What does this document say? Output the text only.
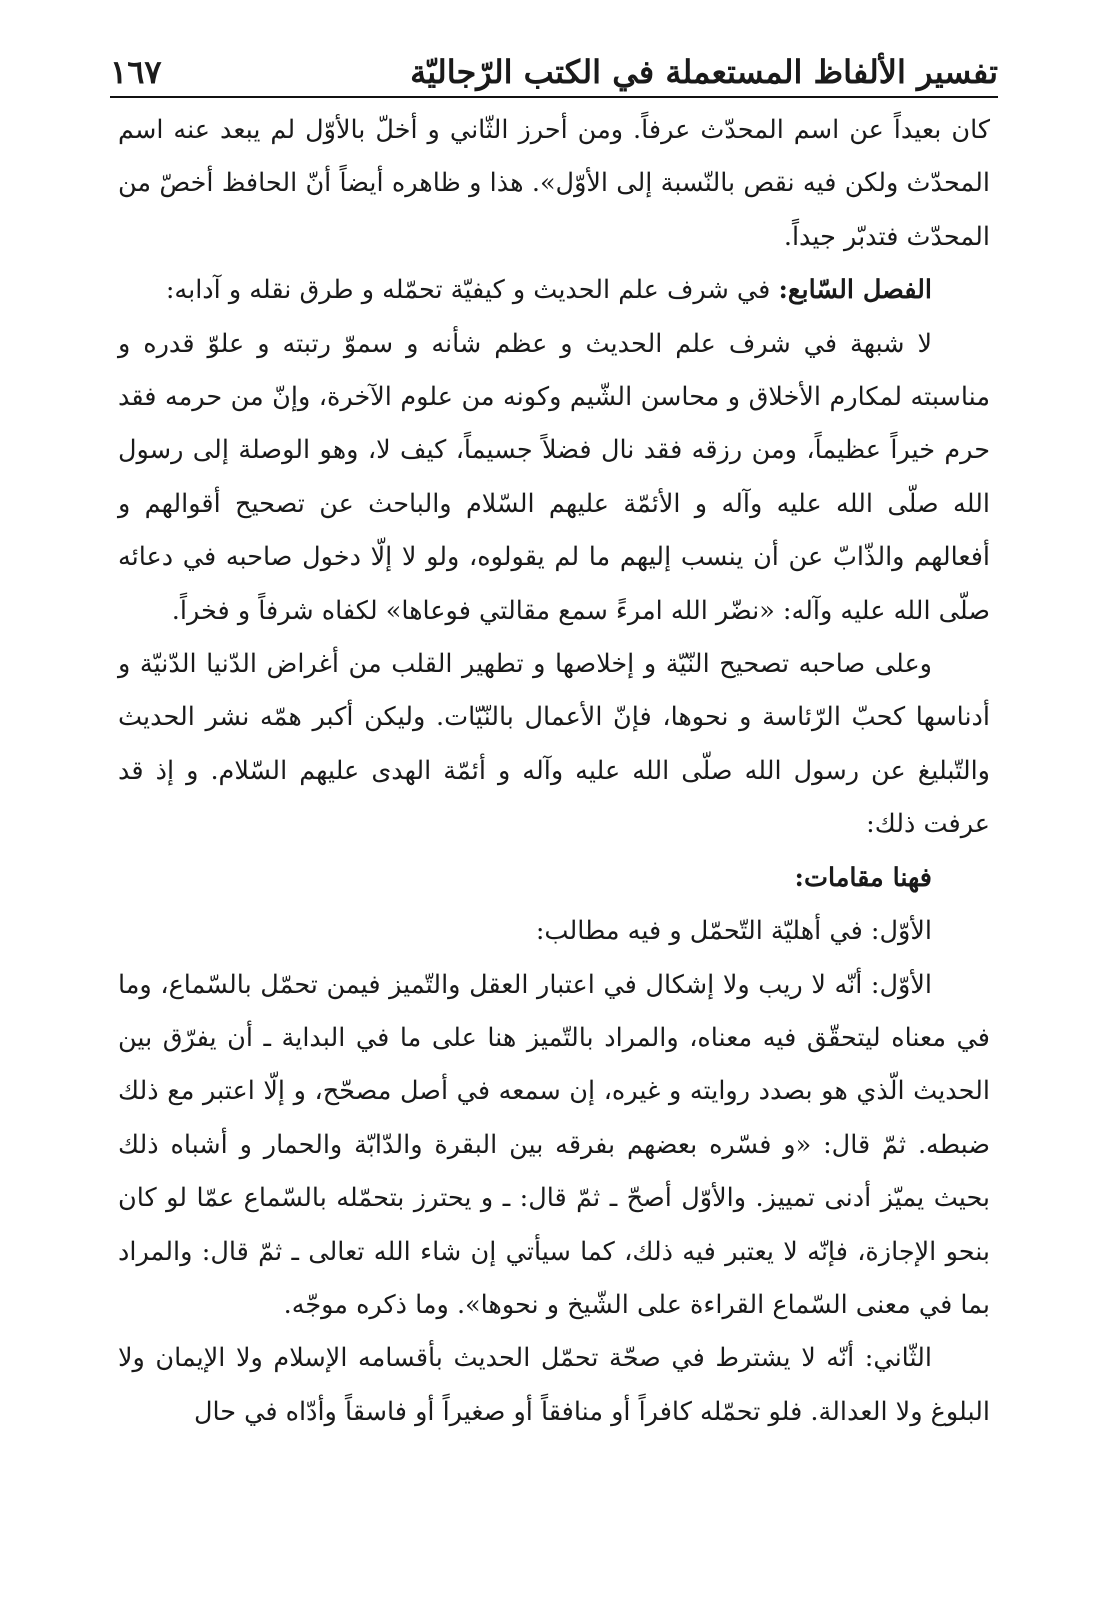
تفسير الألفاظ المستعملة في الكتب الرّجاليّة
١٦٧

كان بعيداً عن اسم المحدّث عرفاً. ومن أحرز الثّاني و أخلّ بالأوّل لم يبعد عنه اسم المحدّث ولكن فيه نقص بالنّسبة إلى الأوّل». هذا و ظاهره أيضاً أنّ الحافظ أخصّ من المحدّث فتدبّر جيداً.

الفصل السّابع: في شرف علم الحديث و كيفيّة تحمّله و طرق نقله و آدابه:

لا شبهة في شرف علم الحديث و عظم شأنه و سموّ رتبته و علوّ قدره و مناسبته لمكارم الأخلاق و محاسن الشّيم وكونه من علوم الآخرة، وإنّ من حرمه فقد حرم خيراً عظيماً، ومن رزقه فقد نال فضلاً جسيماً، كيف لا، وهو الوصلة إلى رسول الله صلّى الله عليه وآله و الأئمّة عليهم السّلام والباحث عن تصحيح أقوالهم و أفعالهم والذّابّ عن أن ينسب إليهم ما لم يقولوه، ولو لا إلّا دخول صاحبه في دعائه صلّى الله عليه وآله: «نضّر الله امرءً سمع مقالتي فوعاها» لكفاه شرفاً و فخراً.

وعلى صاحبه تصحيح النّيّة و إخلاصها و تطهير القلب من أغراض الدّنيا الدّنيّة و أدناسها كحبّ الرّئاسة و نحوها، فإنّ الأعمال بالنّيّات. وليكن أكبر همّه نشر الحديث والتّبليغ عن رسول الله صلّى الله عليه وآله و أئمّة الهدى عليهم السّلام. و إذ قد عرفت ذلك:

فهنا مقامات:

الأوّل: في أهليّة التّحمّل و فيه مطالب:

الأوّل: أنّه لا ريب ولا إشكال في اعتبار العقل والتّميز فيمن تحمّل بالسّماع، وما في معناه ليتحقّق فيه معناه، والمراد بالتّميز هنا على ما في البداية ـ أن يفرّق بين الحديث الّذي هو بصدد روايته و غيره، إن سمعه في أصل مصحّح، و إلّا اعتبر مع ذلك ضبطه. ثمّ قال: «و فسّره بعضهم بفرقه بين البقرة والدّابّة والحمار و أشباه ذلك بحيث يميّز أدنى تمييز. والأوّل أصحّ ـ ثمّ قال: ـ و يحترز بتحمّله بالسّماع عمّا لو كان بنحو الإجازة، فإنّه لا يعتبر فيه ذلك، كما سيأتي إن شاء الله تعالى ـ ثمّ قال: والمراد بما في معنى السّماع القراءة على الشّيخ و نحوها». وما ذكره موجّه.

الثّاني: أنّه لا يشترط في صحّة تحمّل الحديث بأقسامه الإسلام ولا الإيمان ولا البلوغ ولا العدالة. فلو تحمّله كافراً أو منافقاً أو صغيراً أو فاسقاً وأدّاه في حال
